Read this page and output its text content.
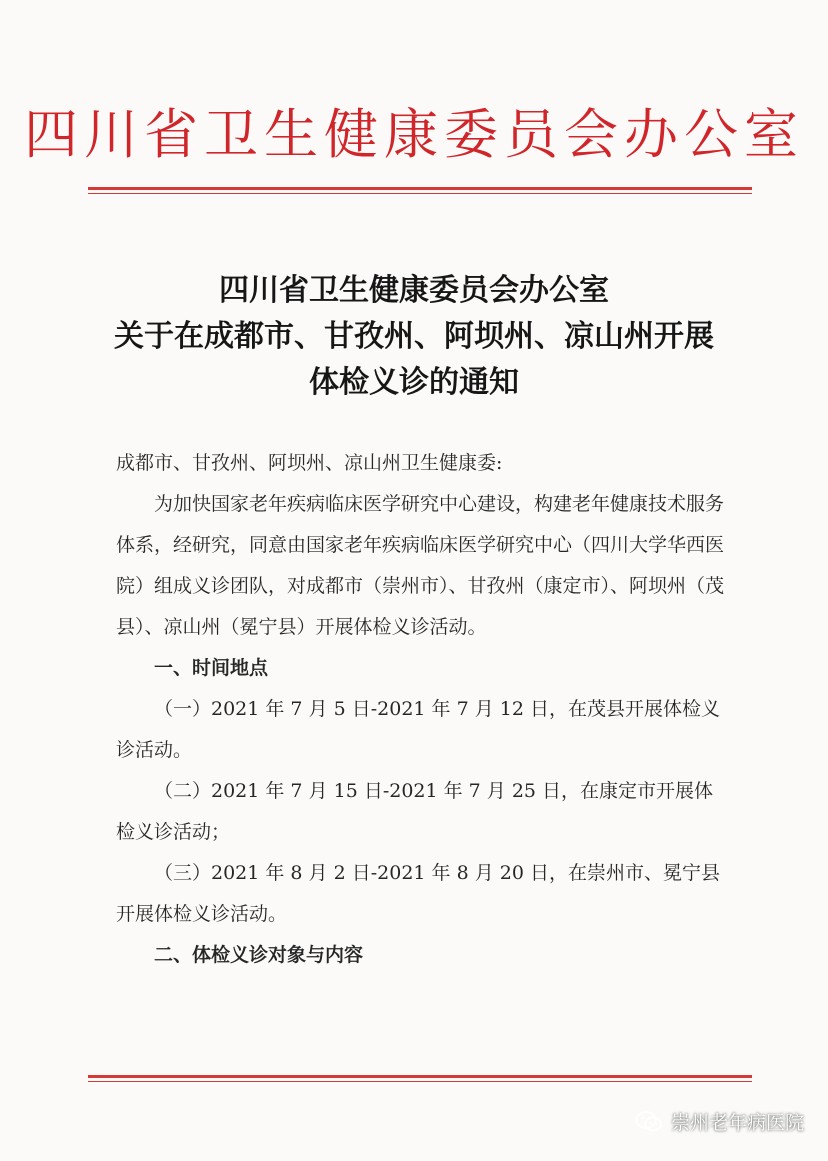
四川省卫生健康委员会办公室
四川省卫生健康委员会办公室
关于在成都市、甘孜州、阿坝州、凉山州开展
体检义诊的通知

成都市、甘孜州、阿坝州、凉山州卫生健康委:

为加快国家老年疾病临床医学研究中心建设，构建老年健康技术服务体系，经研究，同意由国家老年疾病临床医学研究中心（四川大学华西医院）组成义诊团队，对成都市（崇州市）、甘孜州（康定市）、阿坝州（茂县）、凉山州（冕宁县）开展体检义诊活动。

一、时间地点

（一）2021 年 7 月 5 日-2021 年 7 月 12 日，在茂县开展体检义诊活动。

（二）2021 年 7 月 15 日-2021 年 7 月 25 日，在康定市开展体检义诊活动；

（三）2021 年 8 月 2 日-2021 年 8 月 20 日，在崇州市、冕宁县开展体检义诊活动。

二、体检义诊对象与内容

崇州老年病医院
